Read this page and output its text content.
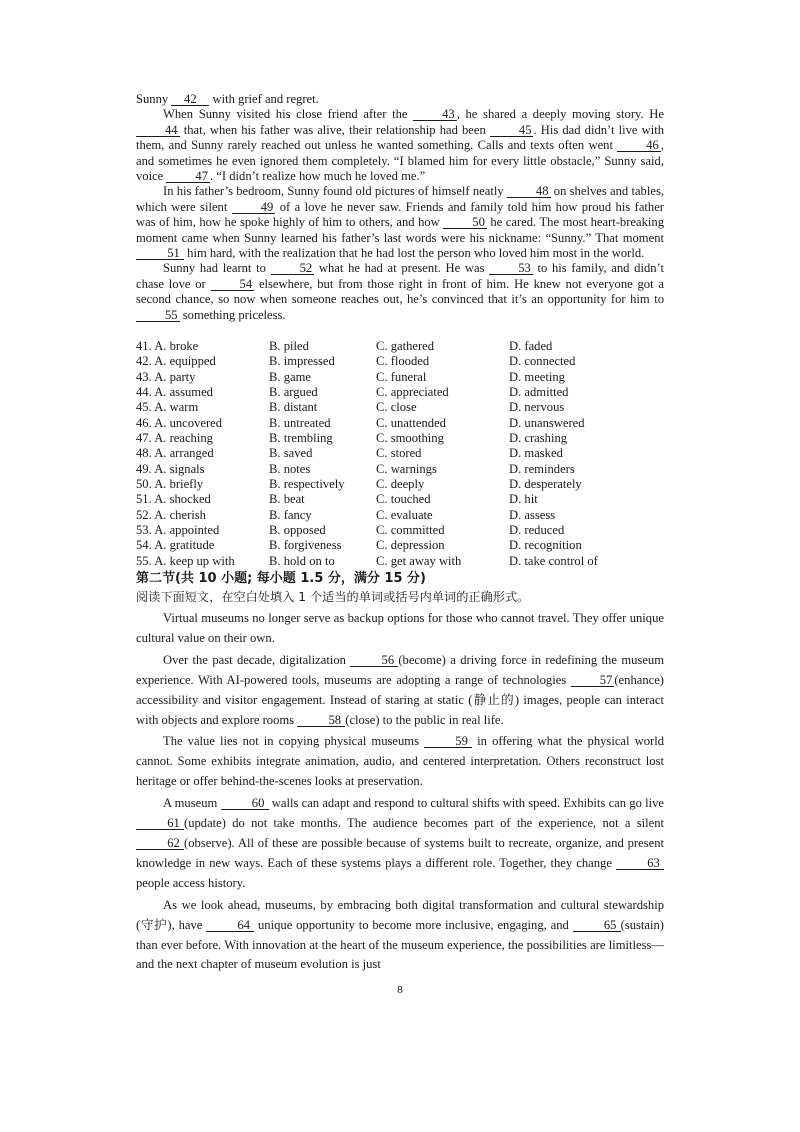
Sunny 42 with grief and regret.

When Sunny visited his close friend after the 43 , he shared a deeply moving story. He 44 that, when his father was alive, their relationship had been 45 . His dad didn’t live with them, and Sunny rarely reached out unless he wanted something. Calls and texts often went 46 , and sometimes he even ignored them completely. “I blamed him for every little obstacle,” Sunny said, voice 47 . “I didn’t realize how much he loved me.”

In his father’s bedroom, Sunny found old pictures of himself neatly 48 on shelves and tables, which were silent 49 of a love he never saw. Friends and family told him how proud his father was of him, how he spoke highly of him to others, and how 50 he cared. The most heart-breaking moment came when Sunny learned his father’s last words were his nickname: “Sunny.” That moment 51 him hard, with the realization that he had lost the person who loved him most in the world.

Sunny had learnt to 52 what he had at present. He was 53 to his family, and didn’t chase love or 54 elsewhere, but from those right in front of him. He knew not everyone got a second chance, so now when someone reaches out, he’s convinced that it’s an opportunity for him to 55 something priceless.

41. A. broke	B. piled	C. gathered	D. faded
42. A. equipped	B. impressed	C. flooded	D. connected
43. A. party	B. game	C. funeral	D. meeting
44. A. assumed	B. argued	C. appreciated	D. admitted
45. A. warm	B. distant	C. close	D. nervous
46. A. uncovered	B. untreated	C. unattended	D. unanswered
47. A. reaching	B. trembling	C. smoothing	D. crashing
48. A. arranged	B. saved	C. stored	D. masked
49. A. signals	B. notes	C. warnings	D. reminders
50. A. briefly	B. respectively C. deeply	D. desperately
51. A. shocked	B. beat	C. touched	D. hit
52. A. cherish	B. fancy	C. evaluate	D. assess
53. A. appointed	B. opposed	C. committed	D. reduced
54. A. gratitude	B. forgiveness	C. depression	D. recognition
55. A. keep up with	B. hold on to	C. get away with	D. take control of
第二节(共 10 小题; 每小题 1.5 分，满分 15 分)
阅读下面短文，在空白处填入 1 个适当的单词或括号内单词的正确形式。

Virtual museums no longer serve as backup options for those who cannot travel. They offer unique cultural value on their own.

Over the past decade, digitalization 56 (become) a driving force in redefining the museum experience. With AI-powered tools, museums are adopting a range of technologies 57 (enhance) accessibility and visitor engagement. Instead of staring at static (静止的) images, people can interact with objects and explore rooms 58 (close) to the public in real life.

The value lies not in copying physical museums 59 in offering what the physical world cannot. Some exhibits integrate animation, audio, and centered interpretation. Others reconstruct lost heritage or offer behind-the-scenes looks at preservation.

A museum 60 walls can adapt and respond to cultural shifts with speed. Exhibits can go live 61 (update) do not take months. The audience becomes part of the experience, not a silent 62 (observe). All of these are possible because of systems built to recreate, organize, and present knowledge in new ways. Each of these systems plays a different role. Together, they change 63 people access history.

As we look ahead, museums, by embracing both digital transformation and cultural stewardship (守护), have 64 unique opportunity to become more inclusive, engaging, and 65 (sustain) than ever before. With innovation at the heart of the museum experience, the possibilities are limitless—and the next chapter of museum evolution is just

8
